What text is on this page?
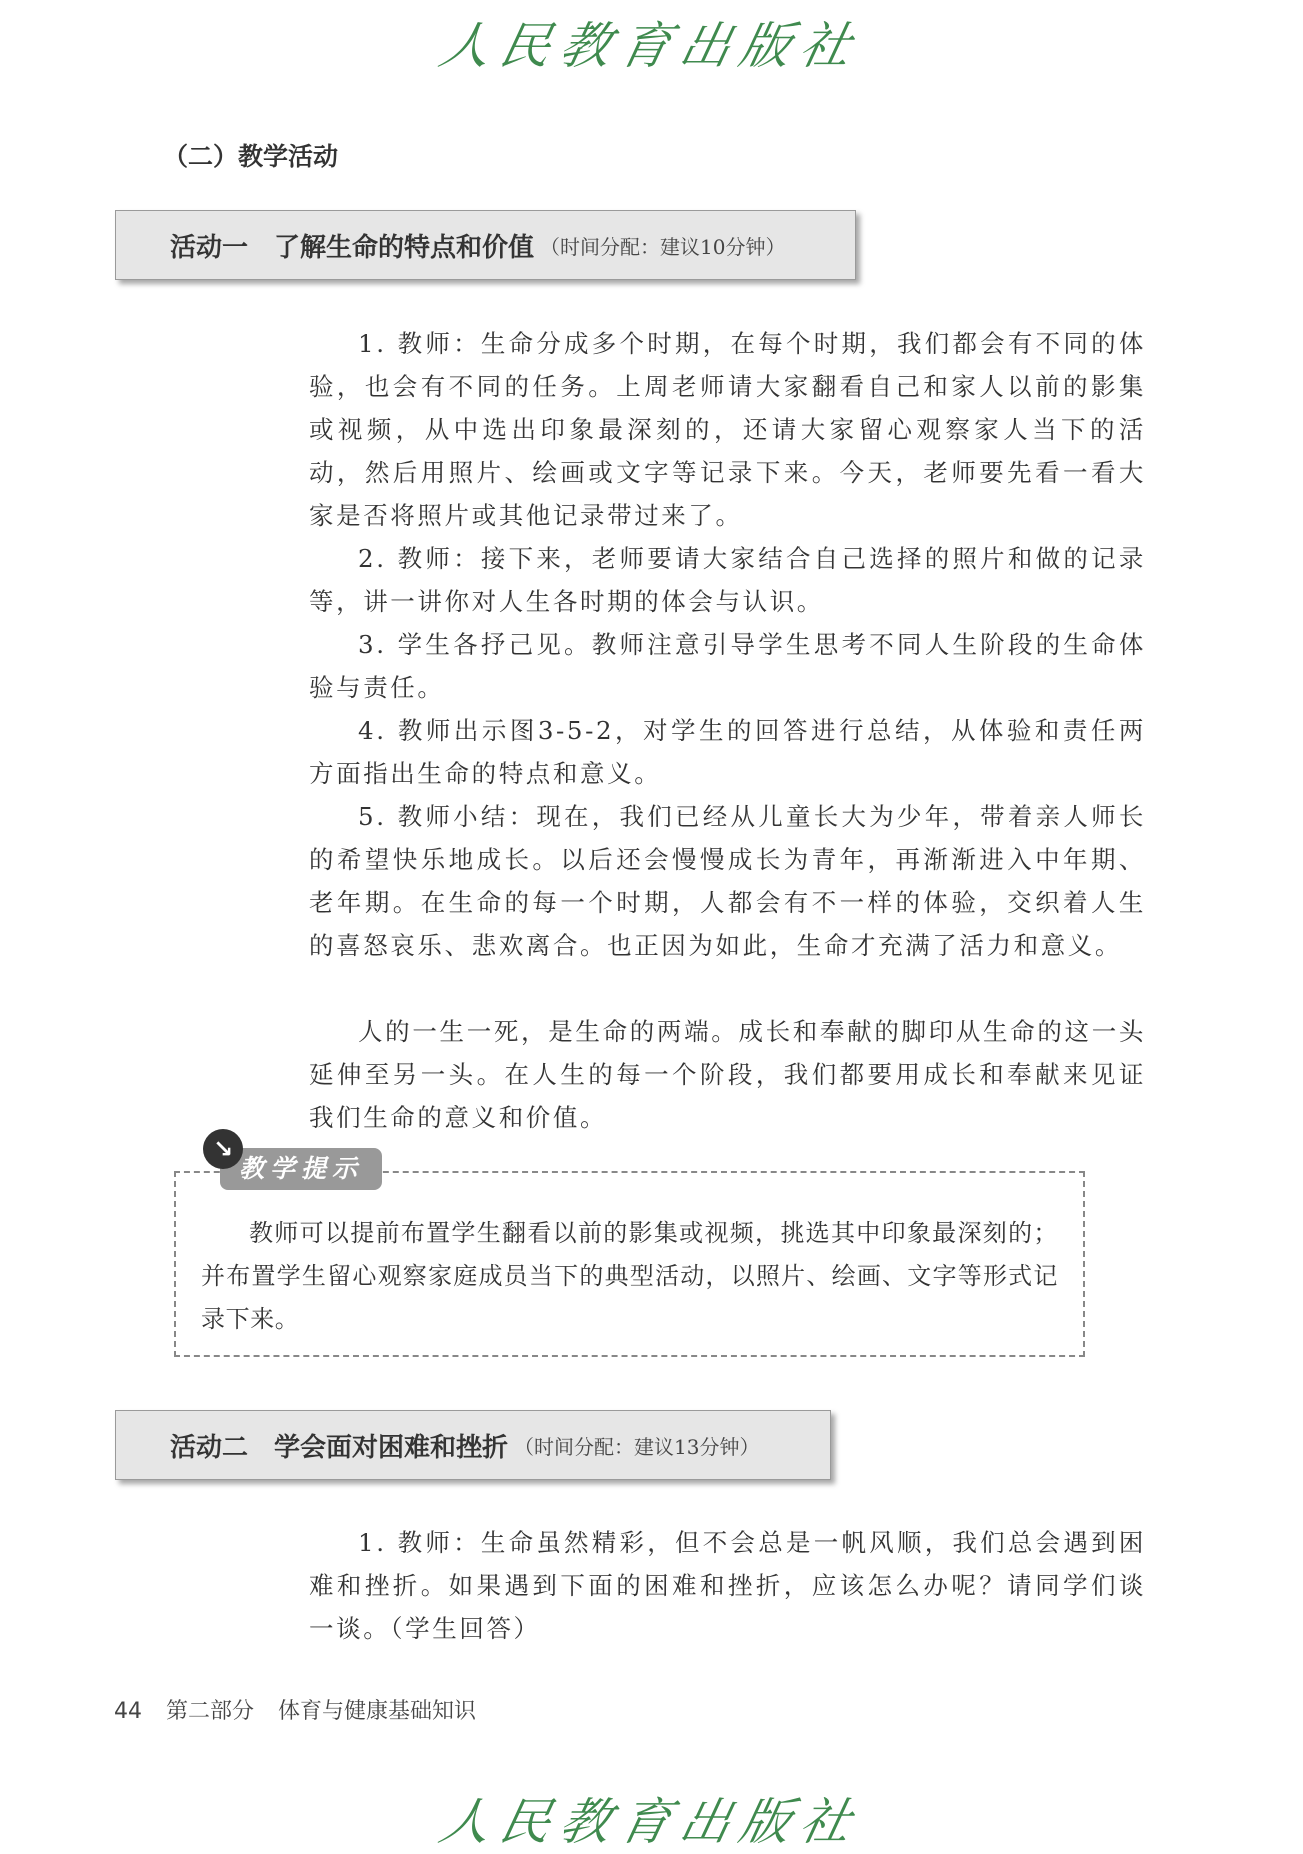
人民教育出版社
（二）教学活动
活动一　了解生命的特点和价值 （时间分配：建议10分钟）

1. 教师：生命分成多个时期，在每个时期，我们都会有不同的体验，也会有不同的任务。上周老师请大家翻看自己和家人以前的影集或视频，从中选出印象最深刻的，还请大家留心观察家人当下的活动，然后用照片、绘画或文字等记录下来。今天，老师要先看一看大家是否将照片或其他记录带过来了。

2. 教师：接下来，老师要请大家结合自己选择的照片和做的记录等，讲一讲你对人生各时期的体会与认识。

3. 学生各抒己见。教师注意引导学生思考不同人生阶段的生命体验与责任。

4. 教师出示图3-5-2，对学生的回答进行总结，从体验和责任两方面指出生命的特点和意义。

5. 教师小结：现在，我们已经从儿童长大为少年，带着亲人师长的希望快乐地成长。以后还会慢慢成长为青年，再渐渐进入中年期、老年期。在生命的每一个时期，人都会有不一样的体验，交织着人生的喜怒哀乐、悲欢离合。也正因为如此，生命才充满了活力和意义。

人的一生一死，是生命的两端。成长和奉献的脚印从生命的这一头延伸至另一头。在人生的每一个阶段，我们都要用成长和奉献来见证我们生命的意义和价值。

↘
教学提示

教师可以提前布置学生翻看以前的影集或视频，挑选其中印象最深刻的；并布置学生留心观察家庭成员当下的典型活动，以照片、绘画、文字等形式记录下来。

活动二　学会面对困难和挫折 （时间分配：建议13分钟）

1. 教师：生命虽然精彩，但不会总是一帆风顺，我们总会遇到困难和挫折。如果遇到下面的困难和挫折，应该怎么办呢？请同学们谈一谈。（学生回答）

44 第二部分 体育与健康基础知识
人民教育出版社
